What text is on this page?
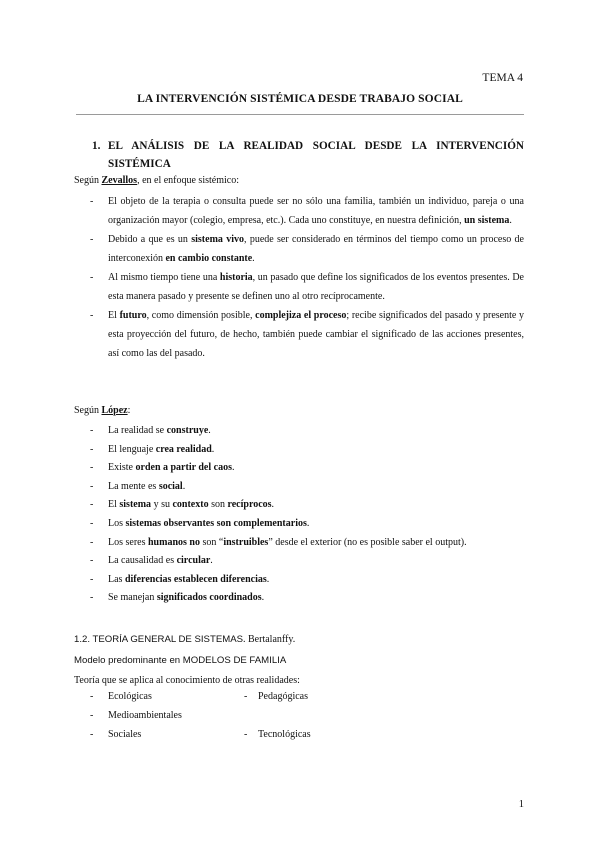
TEMA 4
LA INTERVENCIÓN SISTÉMICA DESDE TRABAJO SOCIAL
1. EL ANÁLISIS DE LA REALIDAD SOCIAL DESDE LA INTERVENCIÓN
SISTÉMICA
Según Zevallos, en el enfoque sistémico:
- El objeto de la terapia o consulta puede ser no sólo una familia, también un individuo, pareja o una organización mayor (colegio, empresa, etc.). Cada uno constituye, en nuestra definición, un sistema.
- Debido a que es un sistema vivo, puede ser considerado en términos del tiempo como un proceso de interconexión en cambio constante.
- Al mismo tiempo tiene una historia, un pasado que define los significados de los eventos presentes. De esta manera pasado y presente se definen uno al otro recíprocamente.
- El futuro, como dimensión posible, complejiza el proceso; recibe significados del pasado y presente y esta proyección del futuro, de hecho, también puede cambiar el significado de las acciones presentes, así como las del pasado.
Según López:
- La realidad se construye.
- El lenguaje crea realidad.
- Existe orden a partir del caos.
- La mente es social.
- El sistema y su contexto son recíprocos.
- Los sistemas observantes son complementarios.
- Los seres humanos no son “instruibles” desde el exterior (no es posible saber el output).
- La causalidad es circular.
- Las diferencias establecen diferencias.
- Se manejan significados coordinados.
1.2. TEORÍA GENERAL DE SISTEMAS. Bertalanffy.
Modelo predominante en MODELOS DE FAMILIA
Teoría que se aplica al conocimiento de otras realidades:
- Ecológicas	- Pedagógicas
- Medioambientales
- Sociales	- Tecnológicas
1
